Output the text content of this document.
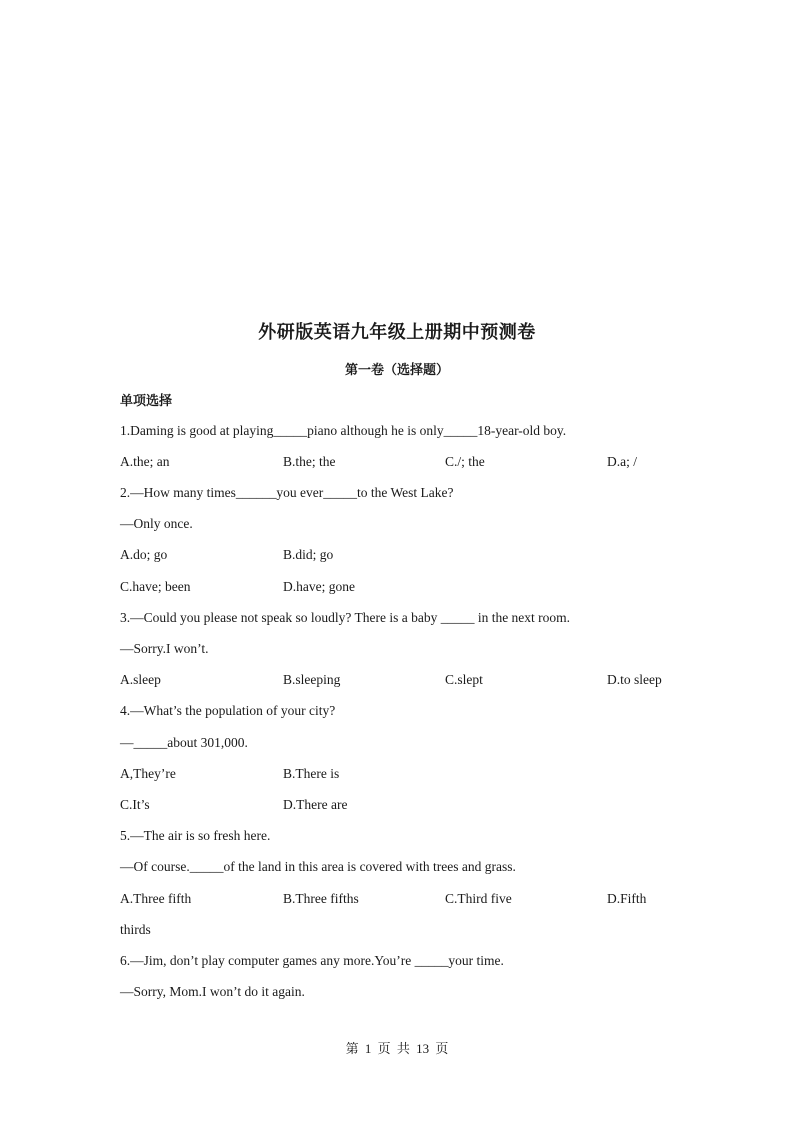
外研版英语九年级上册期中预测卷
第一卷（选择题）
单项选择
1.Daming is good at playing_____piano although he is only_____18-year-old boy.
A.the; an	B.the; the	C./; the	D.a; /
2.—How many times______you ever_____to the West Lake?
—Only once.
A.do; go	B.did; go
C.have; been	D.have; gone
3.—Could you please not speak so loudly? There is a baby _____ in the next room.
—Sorry.I won’t.
A.sleep	B.sleeping	C.slept	D.to sleep
4.—What’s the population of your city?
—_____about 301,000.
A,They’re	B.There is
C.It’s	D.There are
5.—The air is so fresh here.
—Of course._____of the land in this area is covered with trees and grass.
A.Three fifth	B.Three fifths	C.Third five	D.Fifth
thirds
6.—Jim, don’t play computer games any more.You’re _____your time.
—Sorry, Mom.I won’t do it again.
第 1 页 共 13 页
